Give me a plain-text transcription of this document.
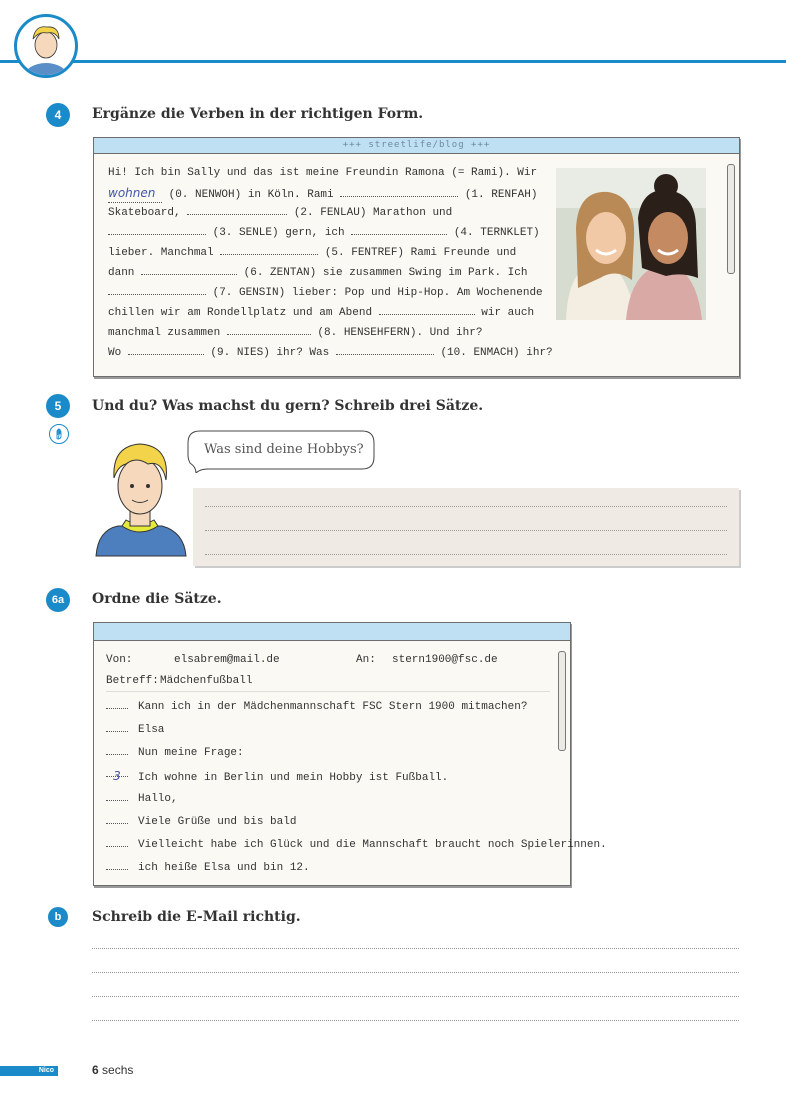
4	Ergänze die Verben in der richtigen Form.
+++ streetlife/blog +++
Hi! Ich bin Sally und das ist meine Freundin Ramona (= Rami). Wir
wohnen (0. NENWOH) in Köln. Rami	(1. RENFAH)
Skateboard,	(2. FENLAU) Marathon und
(3. SENLE) gern, ich	(4. TERNKLET)
lieber. Manchmal	(5. FENTREF) Rami Freunde und
dann	(6. ZENTAN) sie zusammen Swing im Park. Ich
(7. GENSIN) lieber: Pop und Hip-Hop. Am Wochenende
chillen wir am Rondellplatz und am Abend	wir auch
manchmal zusammen	(8. HENSEHFERN). Und ihr?
Wo	(9. NIES) ihr? Was	(10. ENMACH) ihr?
5	Und du? Was machst du gern? Schreib drei Sätze.
Was sind deine Hobbys?
6a	Ordne die Sätze.
Von:	elsabrem@mail.de	An: stern1900@fsc.de
Betreff:Mädchenfußball
Kann ich in der Mädchenmannschaft FSC Stern 1900 mitmachen?
Elsa
Nun meine Frage:
3 Ich wohne in Berlin und mein Hobby ist Fußball.
Hallo,
Viele Grüße und bis bald
Vielleicht habe ich Glück und die Mannschaft braucht noch Spielerinnen.
ich heiße Elsa und bin 12.
b	Schreib die E-Mail richtig.
Nico	6 sechs
